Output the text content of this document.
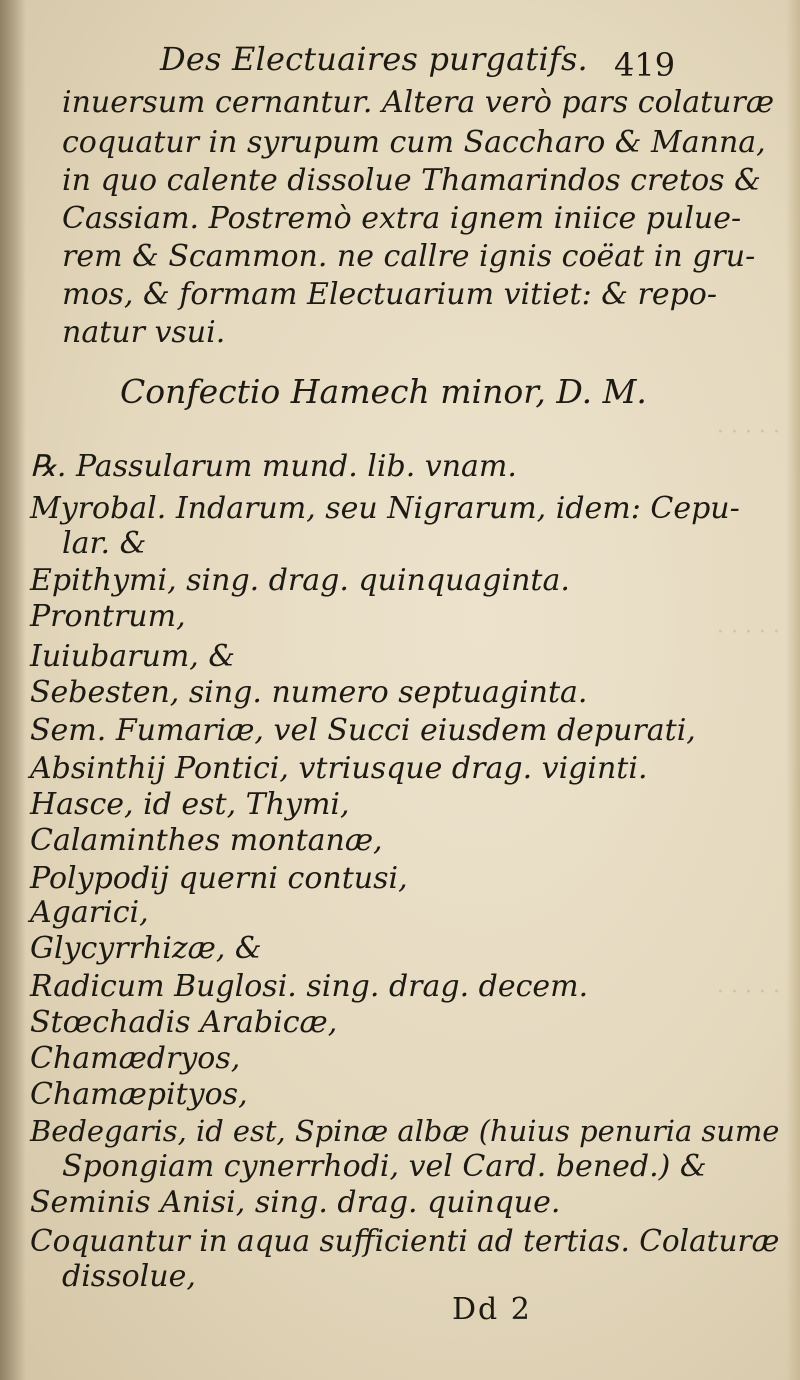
· · · · ·
· · · · ·
· · · · ·
Des Electuaires purgatifs. 419
inuersum cernantur. Altera verò pars colaturæ
coquatur in syrupum cum Saccharo & Manna,
in quo calente dissolue Thamarindos cretos &
Cassiam. Postremò extra ignem iniice pulue-
rem & Scammon. ne callre ignis coëat in gru-
mos, & formam Electuarium vitiet: & repo-
natur vsui.
Confectio Hamech minor, D. M.
℞. Passularum mund. lib. vnam.
Myrobal. Indarum, seu Nigrarum, idem: Cepu-
lar. &
Epithymi, sing. drag. quinquaginta.
Prontrum,
Iuiubarum, &
Sebesten, sing. numero septuaginta.
Sem. Fumariæ, vel Succi eiusdem depurati,
Absinthij Pontici, vtriusque drag. viginti.
Hasce, id est, Thymi,
Calaminthes montanæ,
Polypodij querni contusi,
Agarici,
Glycyrrhizæ, &
Radicum Buglosi. sing. drag. decem.
Stœchadis Arabicæ,
Chamædryos,
Chamæpityos,
Bedegaris, id est, Spinæ albæ (huius penuria sume
Spongiam cynerrhodi, vel Card. bened.) &
Seminis Anisi, sing. drag. quinque.
Coquantur in aqua sufficienti ad tertias. Colaturæ
dissolue,
Dd 2
